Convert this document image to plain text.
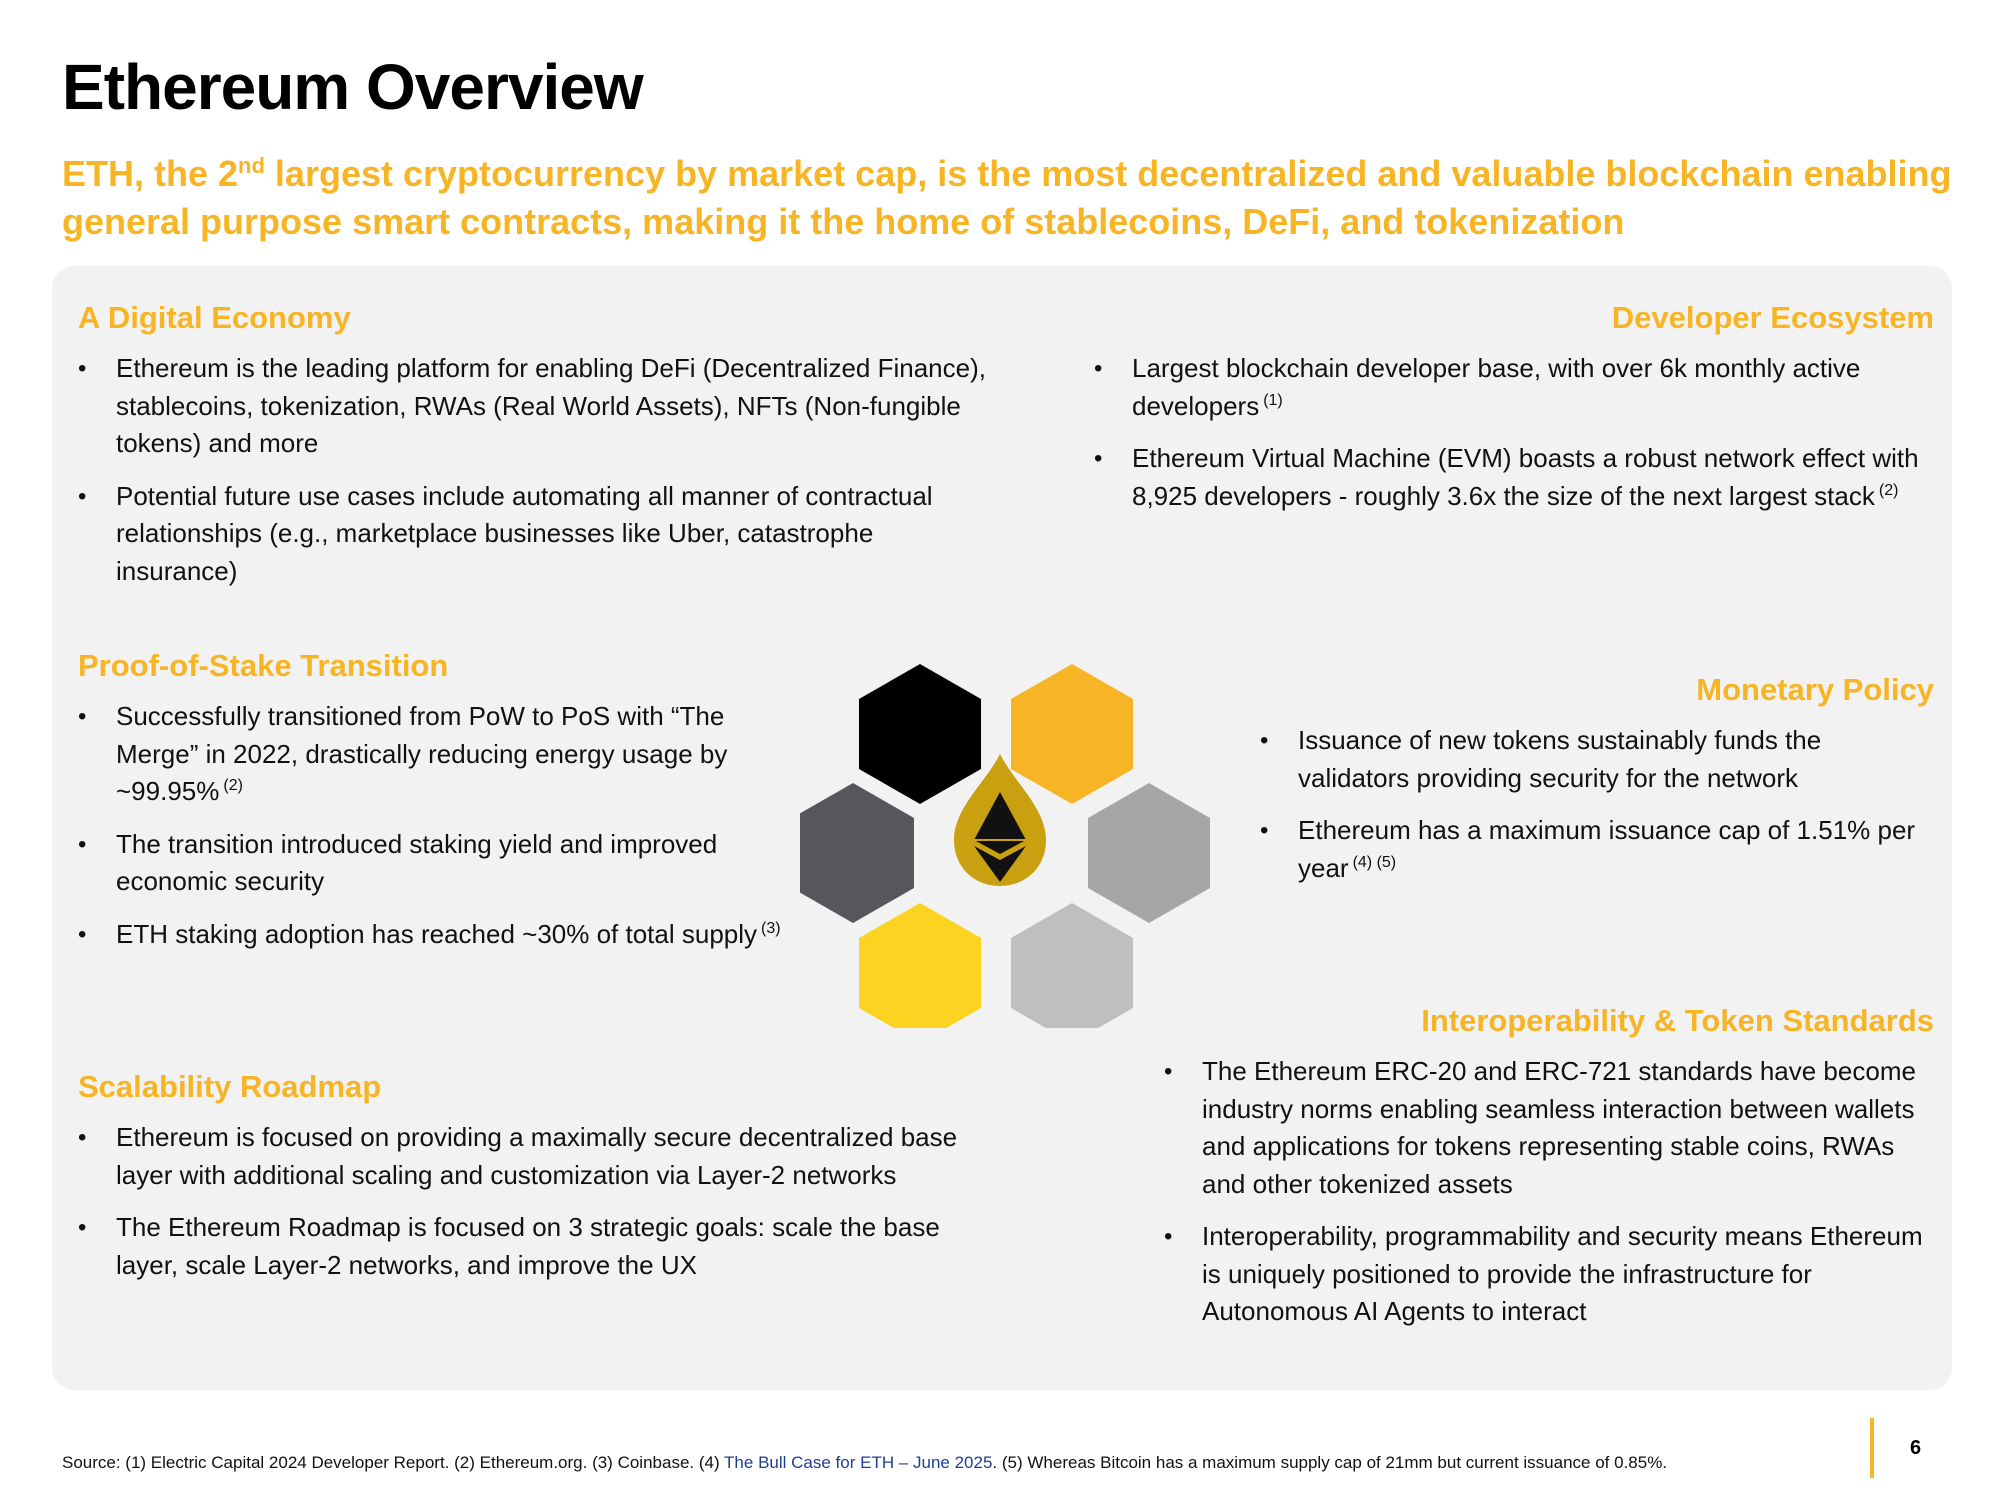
Ethereum Overview

ETH, the 2nd largest cryptocurrency by market cap, is the most decentralized and valuable blockchain enabling general purpose smart contracts, making it the home of stablecoins, DeFi, and tokenization

A Digital Economy
• Ethereum is the leading platform for enabling DeFi (Decentralized Finance), stablecoins, tokenization, RWAs (Real World Assets), NFTs (Non-fungible tokens) and more
• Potential future use cases include automating all manner of contractual relationships (e.g., marketplace businesses like Uber, catastrophe insurance)
Developer Ecosystem
• Largest blockchain developer base, with over 6k monthly active developers $^{(1)}$
• Ethereum Virtual Machine (EVM) boasts a robust network effect with 8,925 developers - roughly 3.6x the size of the next largest stack $^{(2)}$
Proof-of-Stake Transition
• Successfully transitioned from PoW to PoS with “The Merge” in 2022, drastically reducing energy usage by ~99.95% $^{(2)}$
• The transition introduced staking yield and improved economic security
• ETH staking adoption has reached ~30% of total supply $^{(3)}$
Monetary Policy
• Issuance of new tokens sustainably funds the validators providing security for the network
• Ethereum has a maximum issuance cap of 1.51% per year $^{(4) (5)}$
Scalability Roadmap
• Ethereum is focused on providing a maximally secure decentralized base layer with additional scaling and customization via Layer-2 networks
• The Ethereum Roadmap is focused on 3 strategic goals: scale the base layer, scale Layer-2 networks, and improve the UX
Interoperability & Token Standards
• The Ethereum ERC-20 and ERC-721 standards have become industry norms enabling seamless interaction between wallets and applications for tokens representing stable coins, RWAs and other tokenized assets
• Interoperability, programmability and security means Ethereum is uniquely positioned to provide the infrastructure for Autonomous AI Agents to interact
Source: (1) Electric Capital 2024 Developer Report. (2) Ethereum.org. (3) Coinbase. (4) The Bull Case for ETH – June 2025. (5) Whereas Bitcoin has a maximum supply cap of 21mm but current issuance of 0.85%.
6
